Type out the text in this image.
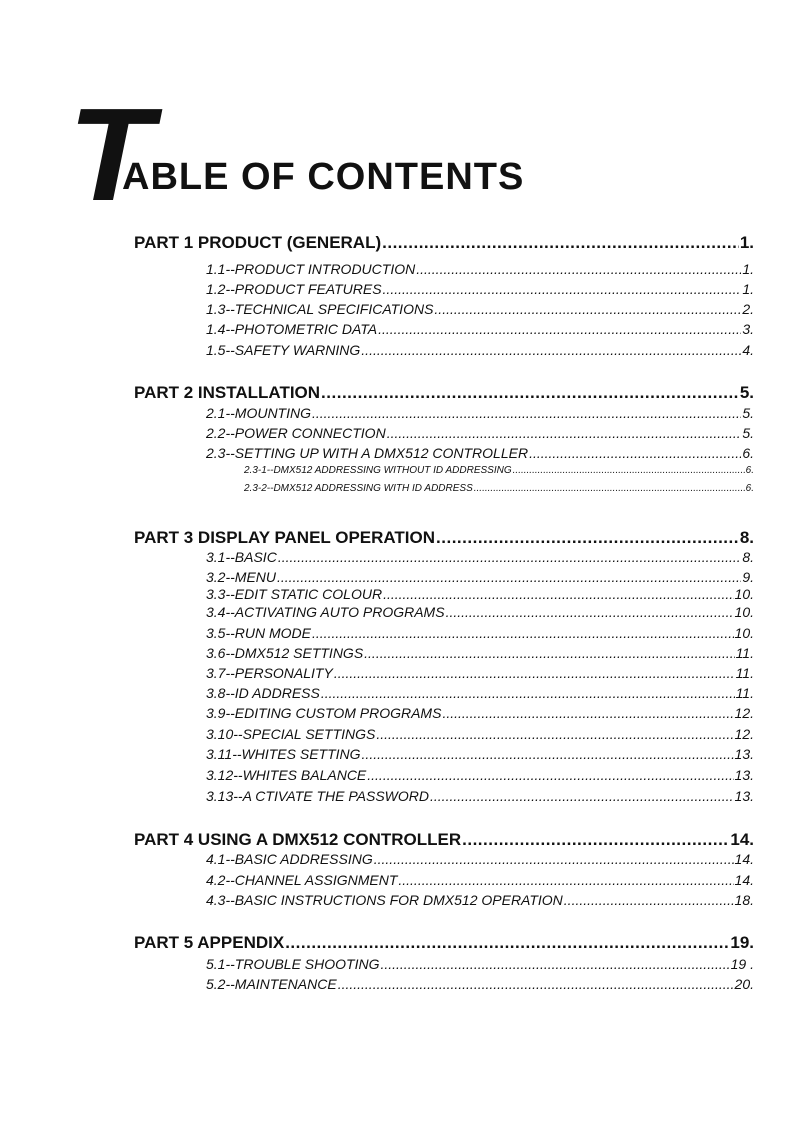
T
ABLE OF CONTENTS
PART 1 PRODUCT (GENERAL) .....	1.
1.1--PRODUCT INTRODUCTION .....	1.
1.2--PRODUCT FEATURES .....	1.
1.3--TECHNICAL SPECIFICATIONS .....	2.
1.4--PHOTOMETRIC DATA .....	3.
1.5--SAFETY WARNING .....	4.
PART 2 INSTALLATION .....	5.
2.1--MOUNTING .....	5.
2.2--POWER CONNECTION .....	5.
2.3--SETTING UP WITH A DMX512 CONTROLLER .....	6.
2.3-1--DMX512 ADDRESSING WITHOUT ID ADDRESSING .....	6.
2.3-2--DMX512 ADDRESSING WITH ID ADDRESS .....	6.
PART 3 DISPLAY PANEL OPERATION .....	8.
3.1--BASIC .....	8.
3.2--MENU .....	9.
3.3--EDIT STATIC COLOUR .....	10.
3.4--ACTIVATING AUTO PROGRAMS .....	10.
3.5--RUN MODE .....	10.
3.6--DMX512 SETTINGS .....	11.
3.7--PERSONALITY .....	11.
3.8--ID ADDRESS .....	11.
3.9--EDITING CUSTOM PROGRAMS .....	12.
3.10--SPECIAL SETTINGS .....	12.
3.11--WHITES SETTING .....	13.
3.12--WHITES BALANCE .....	13.
3.13--A CTIVATE THE PASSWORD .....	13.
PART 4 USING A DMX512 CONTROLLER .....	14.
4.1--BASIC ADDRESSING .....	14.
4.2--CHANNEL ASSIGNMENT .....	14.
4.3--BASIC INSTRUCTIONS FOR DMX512 OPERATION .....	18.
PART 5 APPENDIX .....	19.
5.1--TROUBLE SHOOTING .....	19 .
5.2--MAINTENANCE .....	20.
